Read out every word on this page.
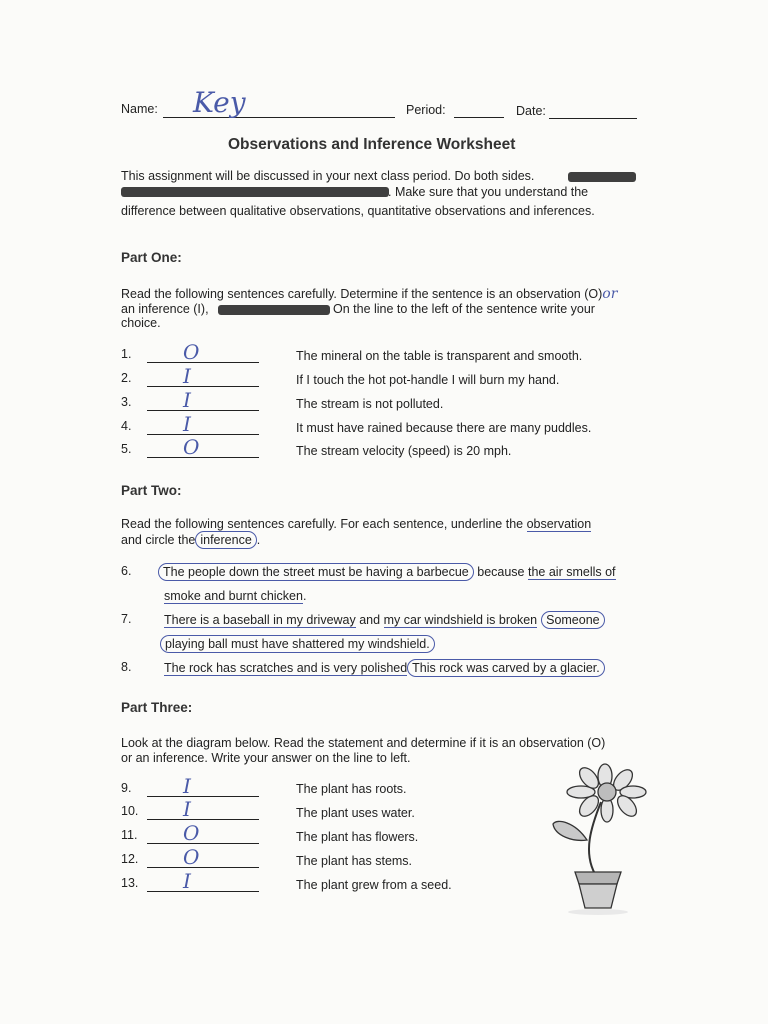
Name: Key	Period:	Date:
Observations and Inference Worksheet
This assignment will be discussed in your next class period. Do both sides.
. Make sure that you understand the
difference between qualitative observations, quantitative observations and inferences.
Part One:
Read the following sentences carefully. Determine if the sentence is an observation (O)or
an inference (I),	On the line to the left of the sentence write your
choice.
1.	O	The mineral on the table is transparent and smooth.
2.	I	If I touch the hot pot-handle I will burn my hand.
3.	I	The stream is not polluted.
4.	I	It must have rained because there are many puddles.
5.	O	The stream velocity (speed) is 20 mph.
Part Two:
Read the following sentences carefully. For each sentence, underline the observation
and circle the inference .
6.	The people down the street must be having a barbecue because the air smells of
smoke and burnt chicken.
7.	There is a baseball in my driveway and my car windshield is broken Someone
playing ball must have shattered my windshield.
8.	The rock has scratches and is very polished This rock was carved by a glacier.
Part Three:
Look at the diagram below. Read the statement and determine if it is an observation (O)
or an inference. Write your answer on the line to left.
9.	I	The plant has roots.
10. I	The plant uses water.
11. O	The plant has flowers.
12. O	The plant has stems.
13. I	The plant grew from a seed.
